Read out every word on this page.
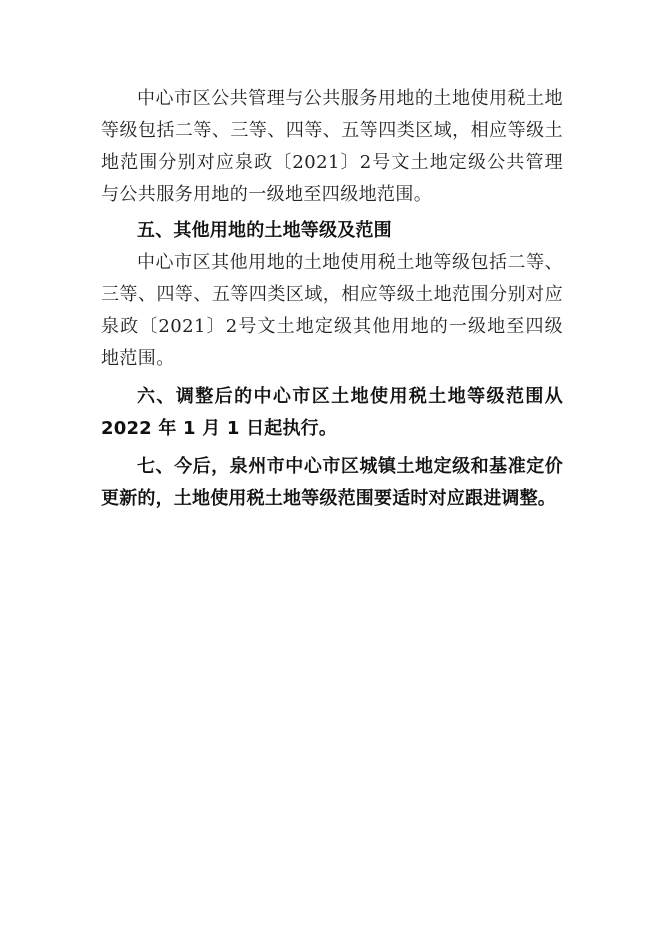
中心市区公共管理与公共服务用地的土地使用税土地等级包括二等、三等、四等、五等四类区域，相应等级土地范围分别对应泉政〔2021〕2号文土地定级公共管理与公共服务用地的一级地至四级地范围。

五、其他用地的土地等级及范围

中心市区其他用地的土地使用税土地等级包括二等、三等、四等、五等四类区域，相应等级土地范围分别对应泉政〔2021〕2号文土地定级其他用地的一级地至四级地范围。

六、调整后的中心市区土地使用税土地等级范围从 2022 年 1 月 1 日起执行。

七、今后，泉州市中心市区城镇土地定级和基准定价更新的，土地使用税土地等级范围要适时对应跟进调整。
